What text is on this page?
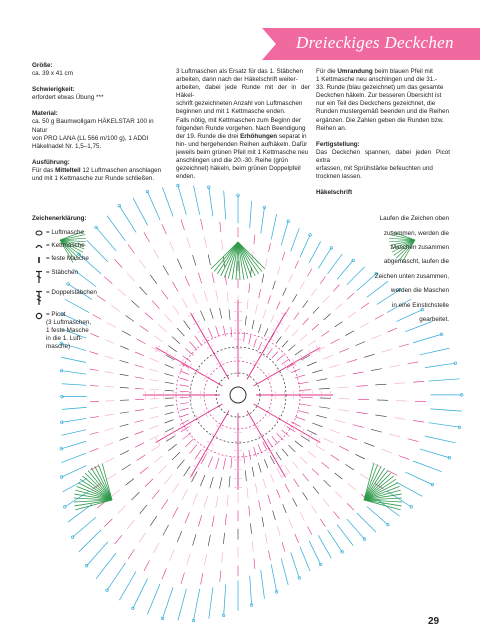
Dreieckiges Deckchen

Größe:

ca. 39 x 41 cm

Schwierigkeit:

erfordert etwas Übung ***

Material:

ca. 50 g Baumwollgarn HÄKELSTAR 100 in Natur

von PRO LANA (LL 566 m/100 g), 1 ADDI

Häkelnadel Nr. 1,5–1,75.

Ausführung:

Für das Mittelteil 12 Luftmaschen anschlagen

und mit 1 Kettmasche zur Runde schließen.

3 Luftmaschen als Ersatz für das 1. Stäbchen

arbeiten, dann nach der Häkelschrift weiter-

arbeiten, dabei jede Runde mit der in der Häkel-

schrift gezeichneten Anzahl von Luftmaschen

beginnen und mit 1 Kettmasche enden.

Falls nötig, mit Kettmaschen zum Beginn der

folgenden Runde vorgehen. Nach Beendigung

der 19. Runde die drei Erhöhungen separat in

hin- und hergehenden Reihen aufhäkeln. Dafür

jeweils beim grünen Pfeil mit 1 Kettmasche neu

anschlingen und die 20.-30. Reihe (grün

gezeichnet) häkeln, beim grünen Doppelpfeil

enden.

Für die Umrandung beim blauen Pfeil mit

1 Kettmasche neu anschlingen und die 31.-

33. Runde (blau gezeichnet) um das gesamte

Deckchen häkeln. Zur besseren Übersicht ist

nur ein Teil des Deckchens gezeichnet, die

Runden mustergemäß beenden und die Reihen

ergänzen. Die Zahlen geben die Runden bzw.

Reihen an.

Fertigstellung:

Das Deckchen spannen, dabei jeden Picot extra

erfassen, mit Sprühstärke befeuchten und

trocknen lassen.

Häkelschrift

Zeichenerklärung:

= Luftmasche
= Kettmasche
= feste Masche
= Stäbchen
= Doppelstäbchen
= Picot
(3 Luftmaschen,
1 feste Masche
in die 1. Luft-
masche)

Laufen die Zeichen oben

zusammen, werden die

Maschen zusammen

abgemascht, laufen die

Zeichen unten zusammen,

werden die Maschen

in eine Einstichstelle

gearbeitet.

29
